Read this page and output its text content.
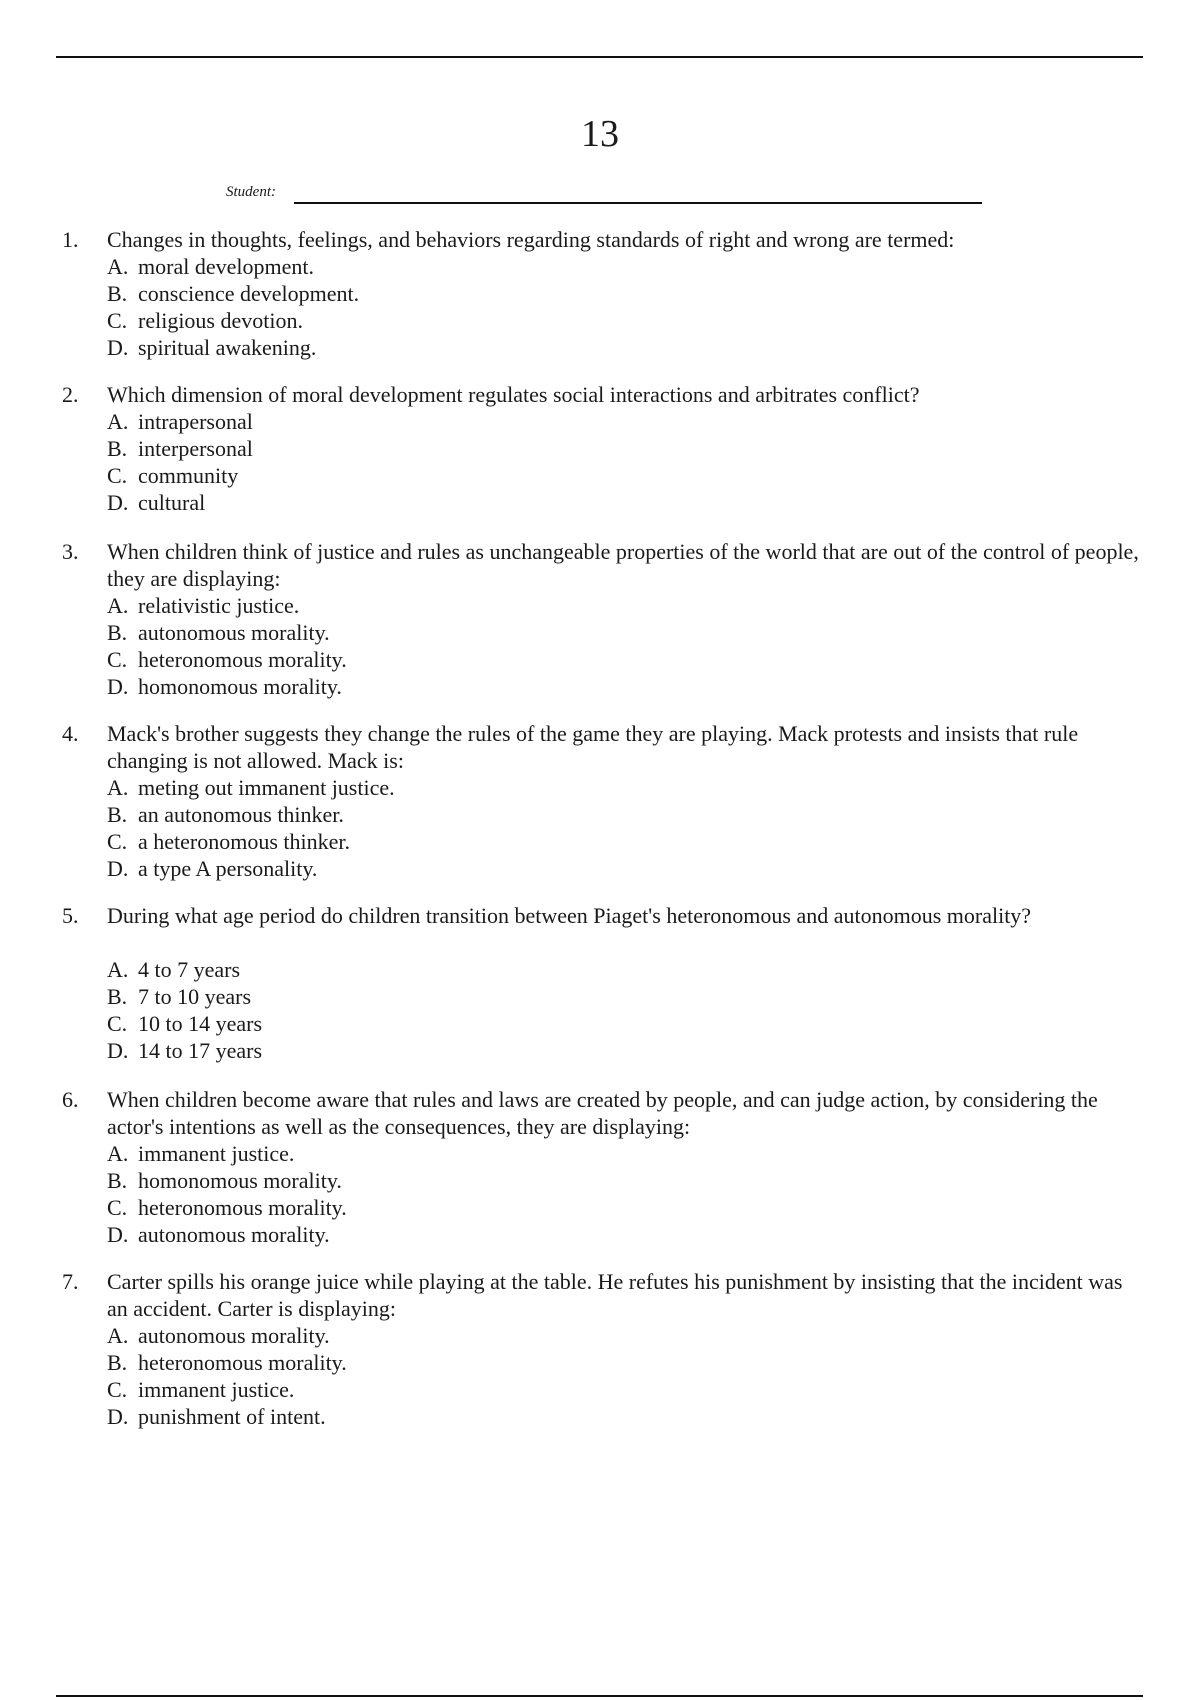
13
Student:
1.	Changes in thoughts, feelings, and behaviors regarding standards of right and wrong are termed:
A. moral development.
B. conscience development.
C. religious devotion.
D. spiritual awakening.
2.	Which dimension of moral development regulates social interactions and arbitrates conflict?
A. intrapersonal
B. interpersonal
C. community
D. cultural
3.	When children think of justice and rules as unchangeable properties of the world that are out of the control of people, they are displaying:
A. relativistic justice.
B. autonomous morality.
C. heteronomous morality.
D. homonomous morality.
4.	Mack's brother suggests they change the rules of the game they are playing. Mack protests and insists that rule changing is not allowed. Mack is:
A. meting out immanent justice.
B. an autonomous thinker.
C. a heteronomous thinker.
D. a type A personality.
5.	During what age period do children transition between Piaget's heteronomous and autonomous morality?
A. 4 to 7 years
B. 7 to 10 years
C. 10 to 14 years
D. 14 to 17 years
6.	When children become aware that rules and laws are created by people, and can judge action, by considering the actor's intentions as well as the consequences, they are displaying:
A. immanent justice.
B. homonomous morality.
C. heteronomous morality.
D. autonomous morality.
7.	Carter spills his orange juice while playing at the table. He refutes his punishment by insisting that the incident was an accident. Carter is displaying:
A. autonomous morality.
B. heteronomous morality.
C. immanent justice.
D. punishment of intent.
